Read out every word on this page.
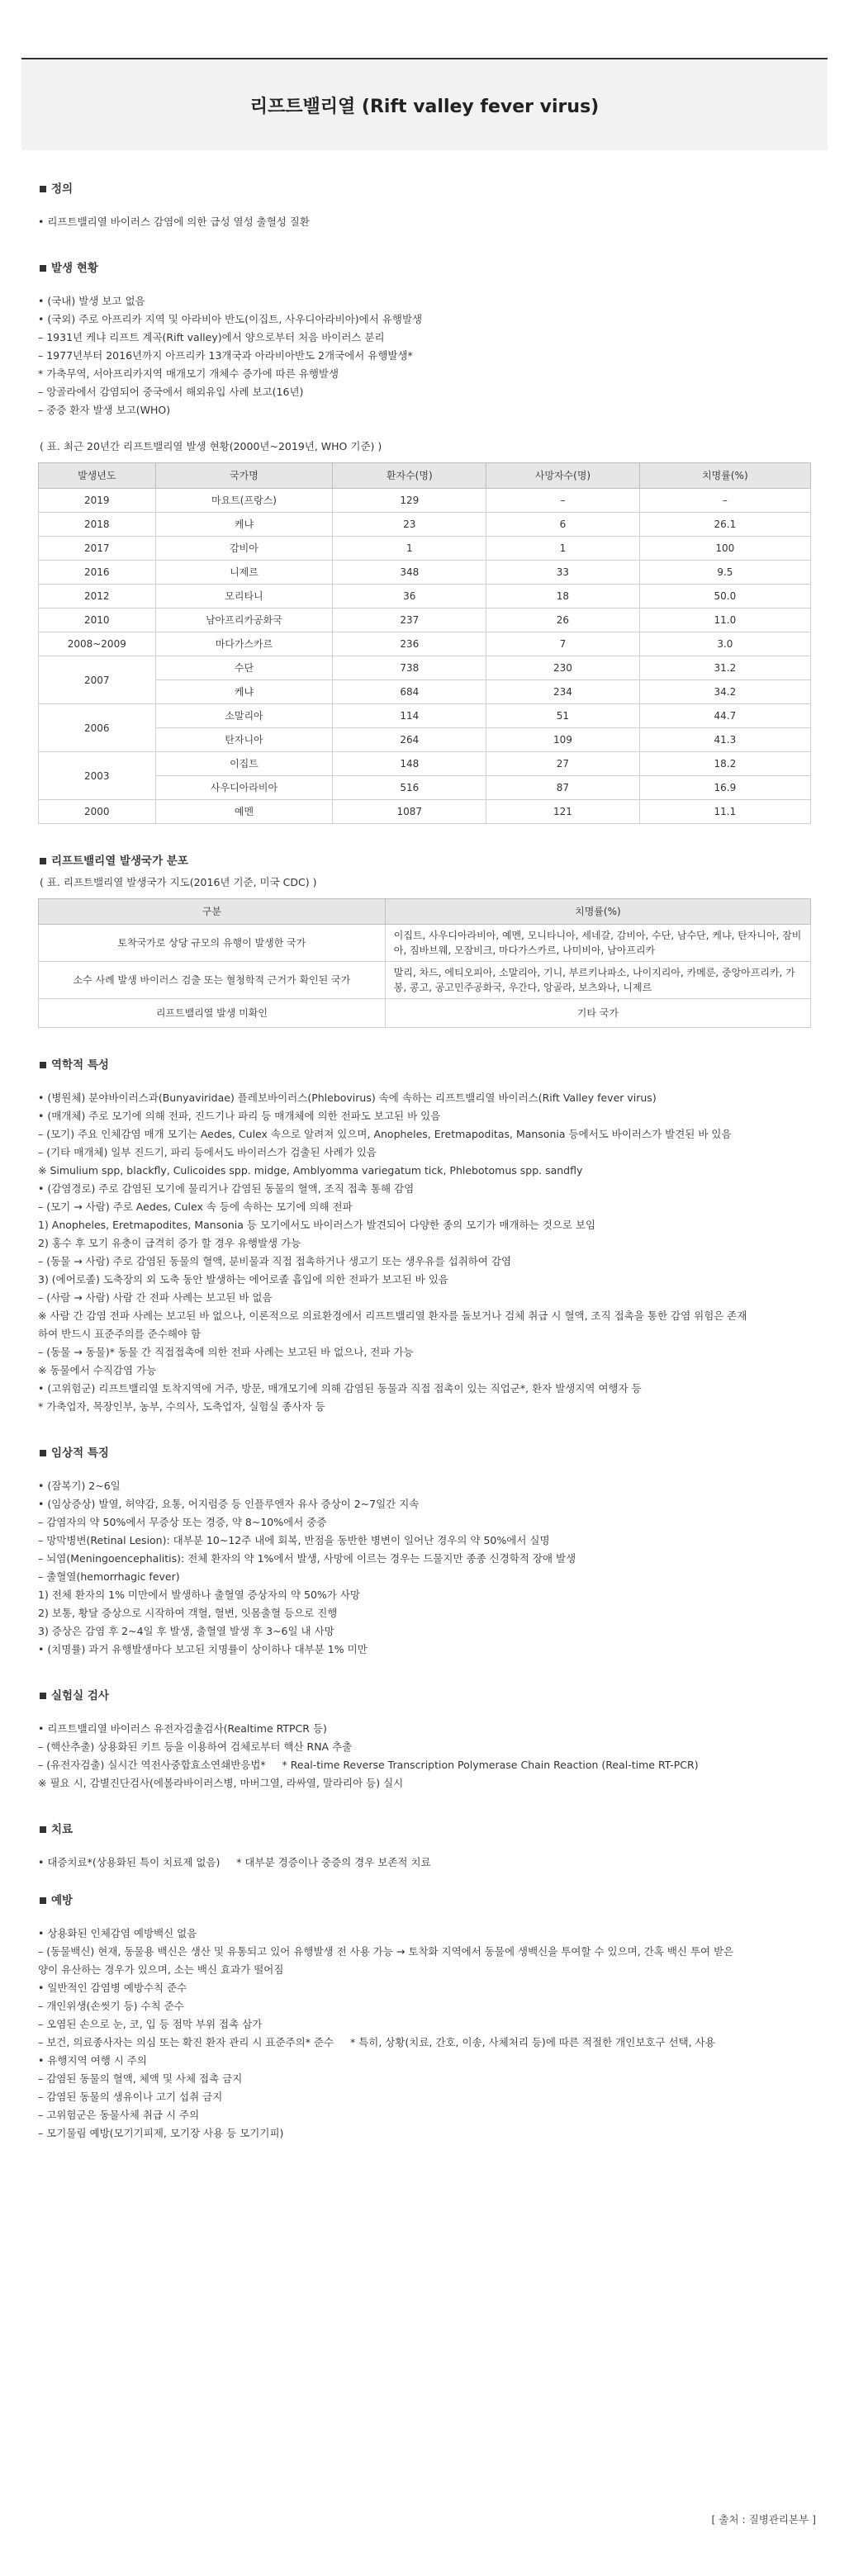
리프트밸리열 (Rift valley fever virus)
정의
• 리프트밸리열 바이러스 감염에 의한 급성 열성 출혈성 질환
발생 현황
• (국내) 발생 보고 없음
• (국외) 주로 아프리카 지역 및 아라비아 반도(이집트, 사우디아라비아)에서 유행발생
– 1931년 케냐 리프트 계곡(Rift valley)에서 양으로부터 처음 바이러스 분리
– 1977년부터 2016년까지 아프리카 13개국과 아라비아반도 2개국에서 유행발생*
* 가축무역, 서아프리카지역 매개모기 개체수 증가에 따른 유행발생
– 앙골라에서 감염되어 중국에서 해외유입 사례 보고(16년)
– 중증 환자 발생 보고(WHO)
( 표. 최근 20년간 리프트밸리열 발생 현황(2000년~2019년, WHO 기준) )
발생년도	국가명	환자수(명)	사망자수(명)	치명률(%)
2019	마요트(프랑스)	129	–	–
2018	케냐	23	6	26.1
2017	감비아	1	1	100
2016	니제르	348	33	9.5
2012	모리타니	36	18	50.0
2010	남아프리카공화국	237	26	11.0
2008~2009	마다가스카르	236	7	3.0
2007	수단	738	230	31.2
	케냐	684	234	34.2
2006	소말리아	114	51	44.7
	탄자니아	264	109	41.3
2003	이집트	148	27	18.2
	사우디아라비아	516	87	16.9
2000	예멘	1087	121	11.1
리프트밸리열 발생국가 분포
( 표. 리프트밸리열 발생국가 지도(2016년 기준, 미국 CDC) )
구분	치명률(%)
토착국가로 상당 규모의 유행이 발생한 국가	이집트, 사우디아라비아, 예멘, 모니타니아, 세네갈, 감비아, 수단, 남수단, 케냐, 탄자니아, 잠비아, 짐바브웨, 모잠비크, 마다가스카르, 나미비아, 남아프리카
소수 사례 발생 바이러스 검출 또는 혈청학적 근거가 확인된 국가	말리, 차드, 에티오피아, 소말리아, 기니, 부르키나파소, 나이지리아, 카메룬, 중앙아프리카, 가봉, 콩고, 공고민주공화국, 우간다, 앙골라, 보츠와나, 니제르
리프트밸리열 발생 미확인	기타 국가
역학적 특성
• (병원체) 분야바이러스과(Bunyaviridae) 플레보바이러스(Phlebovirus) 속에 속하는 리프트밸리열 바이러스(Rift Valley fever virus)
• (매개체) 주로 모기에 의해 전파, 진드기나 파리 등 매개체에 의한 전파도 보고된 바 있음
– (모기) 주요 인체감염 매개 모기는 Aedes, Culex 속으로 알려져 있으며, Anopheles, Eretmapoditas, Mansonia 등에서도 바이러스가 발견된 바 있음
– (기타 매개체) 일부 진드기, 파리 등에서도 바이러스가 검출된 사례가 있음
※ Simulium spp, blackfly, Culicoides spp. midge, Amblyomma variegatum tick, Phlebotomus spp. sandfly
• (감염경로) 주로 감염된 모기에 물리거나 감염된 동물의 혈액, 조직 접촉 통해 감염
– (모기 → 사람) 주로 Aedes, Culex 속 등에 속하는 모기에 의해 전파
1) Anopheles, Eretmapodites, Mansonia 등 모기에서도 바이러스가 발견되어 다양한 종의 모기가 매개하는 것으로 보임
2) 홍수 후 모기 유충이 급격히 증가 할 경우 유행발생 가능
– (동물 → 사람) 주로 감염된 동물의 혈액, 분비물과 직접 접촉하거나 생고기 또는 생우유를 섭취하여 감염
3) (에어로졸) 도축장의 외 도축 동안 발생하는 에어로졸 흡입에 의한 전파가 보고된 바 있음
– (사람 → 사람) 사람 간 전파 사례는 보고된 바 없음
※ 사람 간 감염 전파 사례는 보고된 바 없으나, 이론적으로 의료환경에서 리프트밸리열 환자를 돌보거나 검체 취급 시 혈액, 조직 접촉을 통한 감염 위험은 존재
하여 반드시 표준주의를 준수해야 함
– (동물 → 동물)* 동물 간 직접접촉에 의한 전파 사례는 보고된 바 없으나, 전파 가능
※ 동물에서 수직감염 가능
• (고위험군) 리프트밸리열 토착지역에 거주, 방문, 매개모기에 의해 감염된 동물과 직접 접촉이 있는 직업군*, 환자 발생지역 여행자 등
* 가축업자, 목장인부, 농부, 수의사, 도축업자, 실험실 종사자 등
임상적 특징
• (잠복기) 2~6일
• (임상증상) 발열, 허약감, 요통, 어지럼증 등 인플루엔자 유사 증상이 2~7일간 지속
– 감염자의 약 50%에서 무증상 또는 경증, 약 8~10%에서 중증
– 망막병변(Retinal Lesion): 대부분 10~12주 내에 회복, 반점을 동반한 병변이 일어난 경우의 약 50%에서 실명
– 뇌염(Meningoencephalitis): 전체 환자의 약 1%에서 발생, 사망에 이르는 경우는 드물지만 종종 신경학적 장애 발생
– 출혈열(hemorrhagic fever)
1) 전체 환자의 1% 미만에서 발생하나 출혈열 증상자의 약 50%가 사망
2) 보통, 황달 증상으로 시작하여 객혈, 혈변, 잇몸출혈 등으로 진행
3) 증상은 감염 후 2~4일 후 발생, 출혈열 발생 후 3~6일 내 사망
• (치명률) 과거 유행발생마다 보고된 치명률이 상이하나 대부분 1% 미만
실험실 검사
• 리프트밸리열 바이러스 유전자검출검사(Realtime RTPCR 등)
– (핵산추출) 상용화된 키트 등을 이용하여 검체로부터 핵산 RNA 추출
– (유전자검출) 실시간 역전사중합효소연쇄반응법*     * Real-time Reverse Transcription Polymerase Chain Reaction (Real-time RT-PCR)
※ 필요 시, 감별진단검사(에볼라바이러스병, 마버그열, 라싸열, 말라리아 등) 실시
치료
• 대증치료*(상용화된 특이 치료제 없음)     * 대부분 경증이나 중증의 경우 보존적 치료
예방
• 상용화된 인체감염 예방백신 없음
– (동물백신) 현재, 동물용 백신은 생산 및 유통되고 있어 유행발생 전 사용 가능 → 토착화 지역에서 동물에 생백신을 투여할 수 있으며, 간혹 백신 투여 받은
양이 유산하는 경우가 있으며, 소는 백신 효과가 떨어짐
• 일반적인 감염병 예방수칙 준수
– 개인위생(손씻기 등) 수칙 준수
– 오염된 손으로 눈, 코, 입 등 점막 부위 접촉 삼가
– 보건, 의료종사자는 의심 또는 확진 환자 관리 시 표준주의* 준수     * 특히, 상황(치료, 간호, 이송, 사체처리 등)에 따른 적절한 개인보호구 선택, 사용
• 유행지역 여행 시 주의
– 감염된 동물의 혈액, 체액 및 사체 접촉 금지
– 감염된 동물의 생유이나 고기 섭취 금지
– 고위험군은 동물사체 취급 시 주의
– 모기물림 예방(모기기피제, 모기장 사용 등 모기기피)
[ 출처 : 질병관리본부 ]
